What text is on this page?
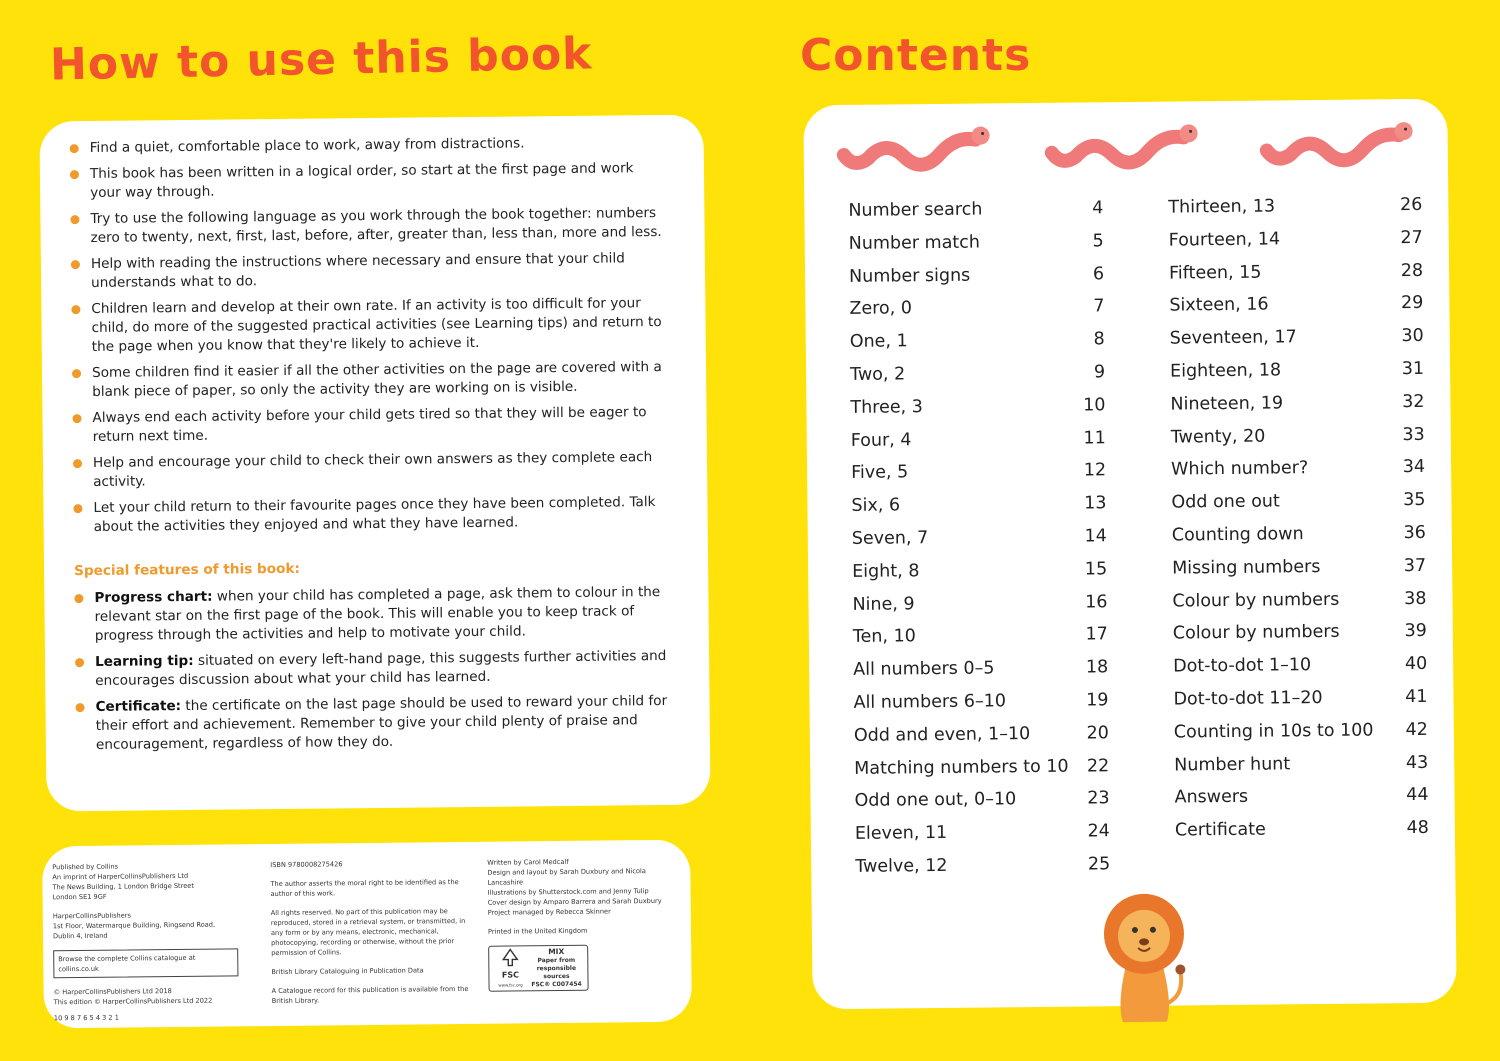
How to use this book	Contents
Find a quiet, comfortable place to work, away from distractions.
This book has been written in a logical order, so start at the first page and work your way through.
Try to use the following language as you work through the book together: numbers zero to twenty, next, first, last, before, after, greater than, less than, more and less.
Help with reading the instructions where necessary and ensure that your child understands what to do.
Children learn and develop at their own rate. If an activity is too difficult for your child, do more of the suggested practical activities (see Learning tips) and return to the page when you know that they're likely to achieve it.
Some children find it easier if all the other activities on the page are covered with a blank piece of paper, so only the activity they are working on is visible.
Always end each activity before your child gets tired so that they will be eager to return next time.
Help and encourage your child to check their own answers as they complete each activity.
Let your child return to their favourite pages once they have been completed. Talk about the activities they enjoyed and what they have learned.
Special features of this book:
Progress chart: when your child has completed a page, ask them to colour in the relevant star on the first page of the book. This will enable you to keep track of progress through the activities and help to motivate your child.
Learning tip: situated on every left-hand page, this suggests further activities and encourages discussion about what your child has learned.
Certificate: the certificate on the last page should be used to reward your child for their effort and achievement. Remember to give your child plenty of praise and encouragement, regardless of how they do.

Published by Collins
An imprint of HarperCollinsPublishers Ltd
The News Building, 1 London Bridge Street
London SE1 9GF

HarperCollinsPublishers
1st Floor, Watermarque Building, Ringsend Road,
Dublin 4, Ireland

Browse the complete Collins catalogue at collins.co.uk

© HarperCollinsPublishers Ltd 2018
This edition © HarperCollinsPublishers Ltd 2022

10 9 8 7 6 5 4 3 2 1

ISBN 9780008275426

The author asserts the moral right to be identified as the author of this work.

All rights reserved. No part of this publication may be reproduced, stored in a retrieval system, or transmitted, in any form or by any means, electronic, mechanical, photocopying, recording or otherwise, without the prior permission of Collins.

British Library Cataloguing in Publication Data

A Catalogue record for this publication is available from the British Library.

Written by Carol Medcalf
Design and layout by Sarah Duxbury and Nicola Lancashire
Illustrations by Shutterstock.com and Jenny Tulip
Cover design by Amparo Barrera and Sarah Duxbury
Project managed by Rebecca Skinner

Printed in the United Kingdom

FSC
www.fsc.org
MIX
Paper from
responsible sources
FSC® C007454
Number search	4
Number match	5
Number signs	6
Zero, 0	7
One, 1	8
Two, 2	9
Three, 3	10
Four, 4	11
Five, 5	12
Six, 6	13
Seven, 7	14
Eight, 8	15
Nine, 9	16
Ten, 10	17
All numbers 0–5	18
All numbers 6–10	19
Odd and even, 1–10	20
Matching numbers to 10 22
Odd one out, 0–10	23
Eleven, 11	24
Twelve, 12	25
Thirteen, 13	26
Fourteen, 14	27
Fifteen, 15	28
Sixteen, 16	29
Seventeen, 17	30
Eighteen, 18	31
Nineteen, 19	32
Twenty, 20	33
Which number?	34
Odd one out	35
Counting down	36
Missing numbers	37
Colour by numbers	38
Colour by numbers	39
Dot-to-dot 1–10	40
Dot-to-dot 11–20	41
Counting in 10s to 100 42
Number hunt	43
Answers	44
Certificate	48
